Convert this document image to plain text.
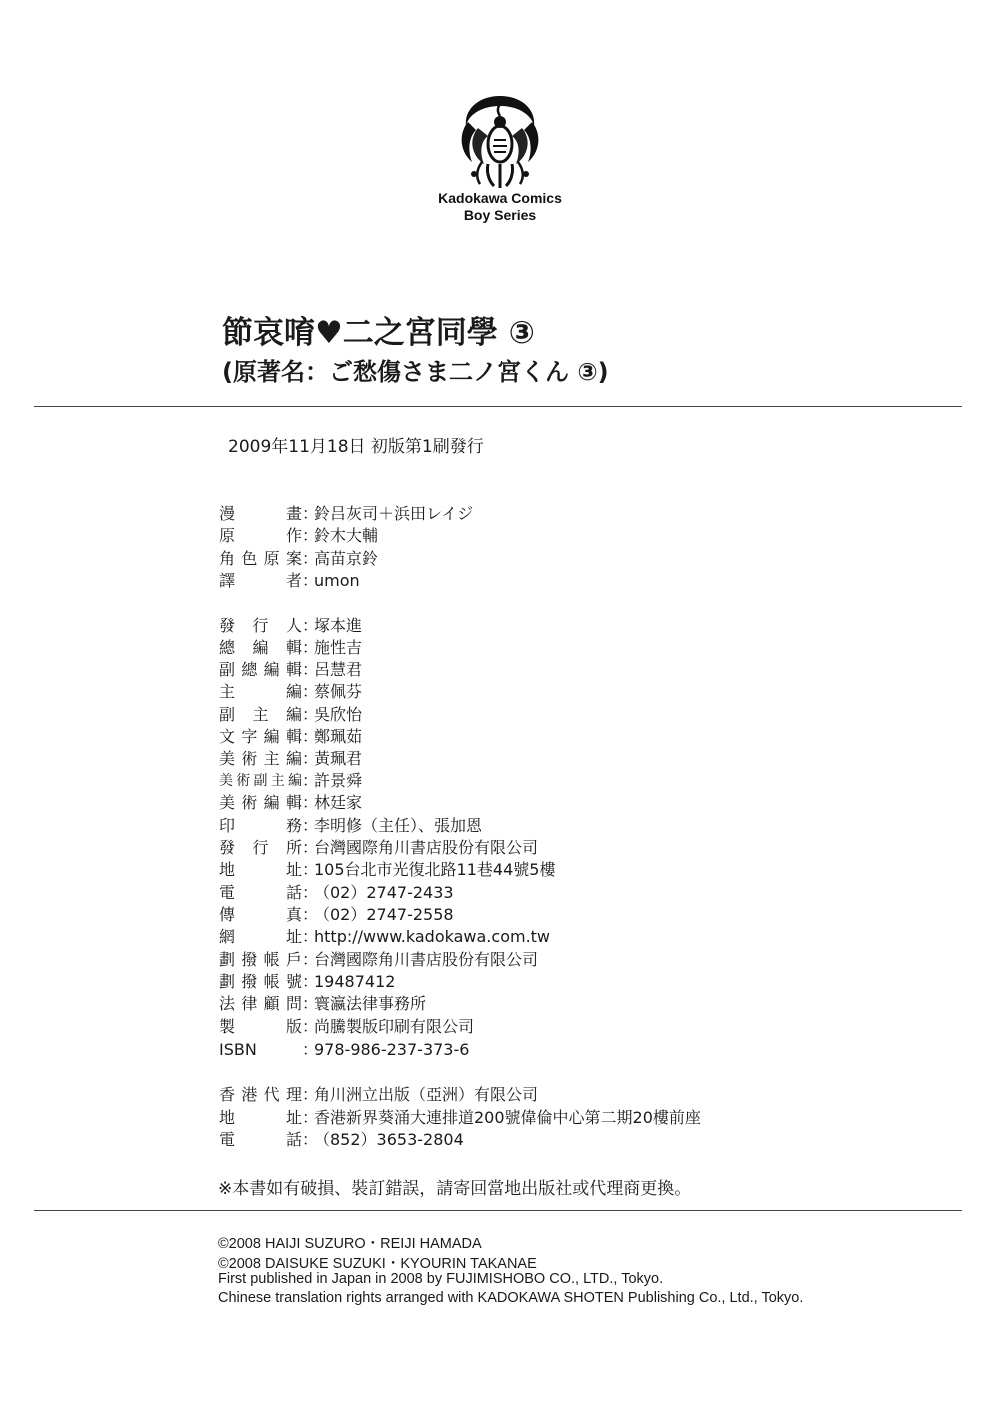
Kadokawa Comics
Boy Series
節哀唷♥二之宮同學 ③
(原著名：ご愁傷さま二ノ宮くん ③)
2009年11月18日 初版第1刷發行
漫畫 ：
鈴吕灰司＋浜田レイジ
原作 ：
鈴木大輔
角色原案 ：
高苗京鈴
譯者 ：
umon
發行人 ：
塚本進
總編輯 ：
施性吉
副總編輯 ：
呂慧君
主編 ：
蔡佩芬
副主編 ：
吳欣怡
文字編輯 ：
鄭珮茹
美術主編 ：
黃珮君
美術副主編 ：
許景舜
美術編輯 ：
林廷家
印務 ：
李明修（主任）、張加恩
發行所 ：
台灣國際角川書店股份有限公司
地址 ：
105台北市光復北路11巷44號5樓
電話 ：
（02）2747-2433
傳真 ：
（02）2747-2558
網址 ：
http://www.kadokawa.com.tw
劃撥帳戶 ：
台灣國際角川書店股份有限公司
劃撥帳號 ：
19487412
法律顧問 ：
寰瀛法律事務所
製版 ：
尚騰製版印刷有限公司
ISBN	：
978-986-237-373-6
香港代理 ：
角川洲立出版（亞洲）有限公司
地址 ：
香港新界葵涌大連排道200號偉倫中心第二期20樓前座
電話 ：
（852）3653-2804
※本書如有破損、裝訂錯誤，請寄回當地出版社或代理商更換。
©2008 HAIJI SUZURO・REIJI HAMADA
©2008 DAISUKE SUZUKI・KYOURIN TAKANAE
First published in Japan in 2008 by FUJIMISHOBO CO., LTD., Tokyo.
Chinese translation rights arranged with KADOKAWA SHOTEN Publishing Co., Ltd., Tokyo.
